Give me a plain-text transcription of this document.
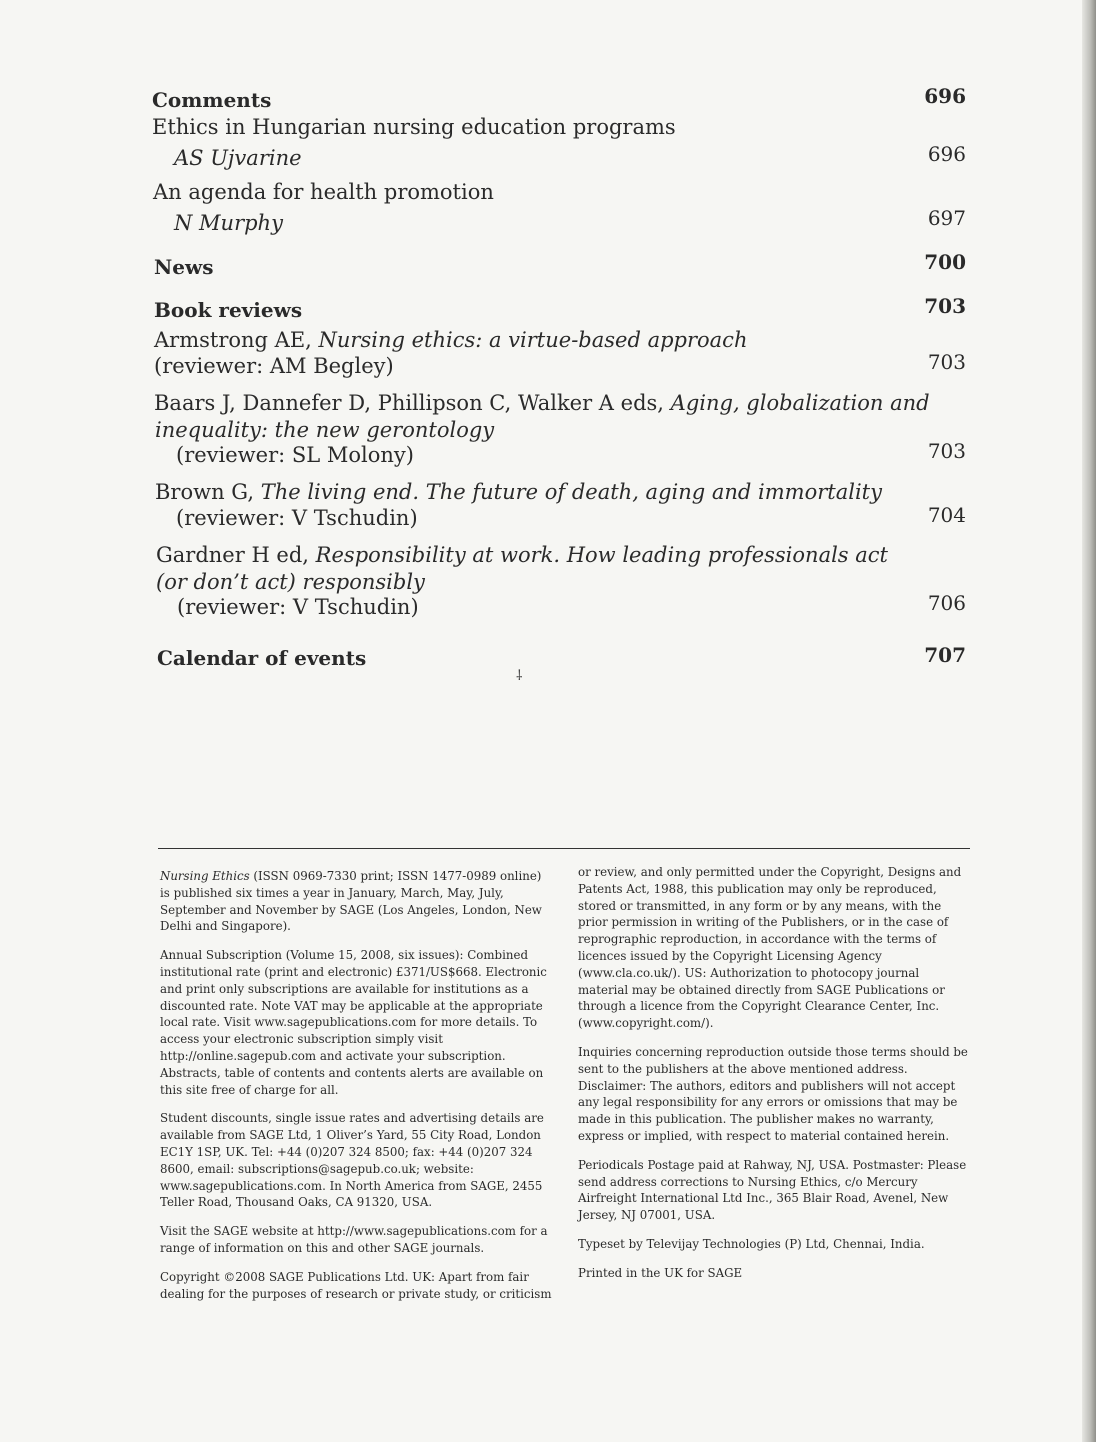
Comments	696
Ethics in Hungarian nursing education programs
AS Ujvarine	696
An agenda for health promotion
N Murphy	697
News	700
Book reviews	703
Armstrong AE, Nursing ethics: a virtue-based approach
(reviewer: AM Begley)	703
Baars J, Dannefer D, Phillipson C, Walker A eds, Aging, globalization and
inequality: the new gerontology
(reviewer: SL Molony)	703
Brown G, The living end. The future of death, aging and immortality
(reviewer: V Tschudin)	704
Gardner H ed, Responsibility at work. How leading professionals act
(or don’t act) responsibly
(reviewer: V Tschudin)	706
Calendar of events	707
⸸

Nursing Ethics (ISSN 0969-7330 print; ISSN 1477-0989 online) is published six times a year in January, March, May, July, September and November by SAGE (Los Angeles, London, New Delhi and Singapore).

Annual Subscription (Volume 15, 2008, six issues): Combined institutional rate (print and electronic) £371/US$668. Electronic and print only subscriptions are available for institutions as a discounted rate. Note VAT may be applicable at the appropriate local rate. Visit www.sagepublications.com for more details. To access your electronic subscription simply visit http://online.sagepub.com and activate your subscription. Abstracts, table of contents and contents alerts are available on this site free of charge for all.

Student discounts, single issue rates and advertising details are available from SAGE Ltd, 1 Oliver’s Yard, 55 City Road, London EC1Y 1SP, UK. Tel: +44 (0)207 324 8500; fax: +44 (0)207 324 8600, email: subscriptions@sagepub.co.uk; website: www.sagepublications.com. In North America from SAGE, 2455 Teller Road, Thousand Oaks, CA 91320, USA.

Visit the SAGE website at http://www.sagepublications.com for a range of information on this and other SAGE journals.

Copyright ©2008 SAGE Publications Ltd. UK: Apart from fair dealing for the purposes of research or private study, or criticism

or review, and only permitted under the Copyright, Designs and Patents Act, 1988, this publication may only be reproduced, stored or transmitted, in any form or by any means, with the prior permission in writing of the Publishers, or in the case of reprographic reproduction, in accordance with the terms of licences issued by the Copyright Licensing Agency (www.cla.co.uk/). US: Authorization to photocopy journal material may be obtained directly from SAGE Publications or through a licence from the Copyright Clearance Center, Inc. (www.copyright.com/).

Inquiries concerning reproduction outside those terms should be sent to the publishers at the above mentioned address. Disclaimer: The authors, editors and publishers will not accept any legal responsibility for any errors or omissions that may be made in this publication. The publisher makes no warranty, express or implied, with respect to material contained herein.

Periodicals Postage paid at Rahway, NJ, USA. Postmaster: Please send address corrections to Nursing Ethics, c/o Mercury Airfreight International Ltd Inc., 365 Blair Road, Avenel, New Jersey, NJ 07001, USA.

Typeset by Televijay Technologies (P) Ltd, Chennai, India.

Printed in the UK for SAGE
